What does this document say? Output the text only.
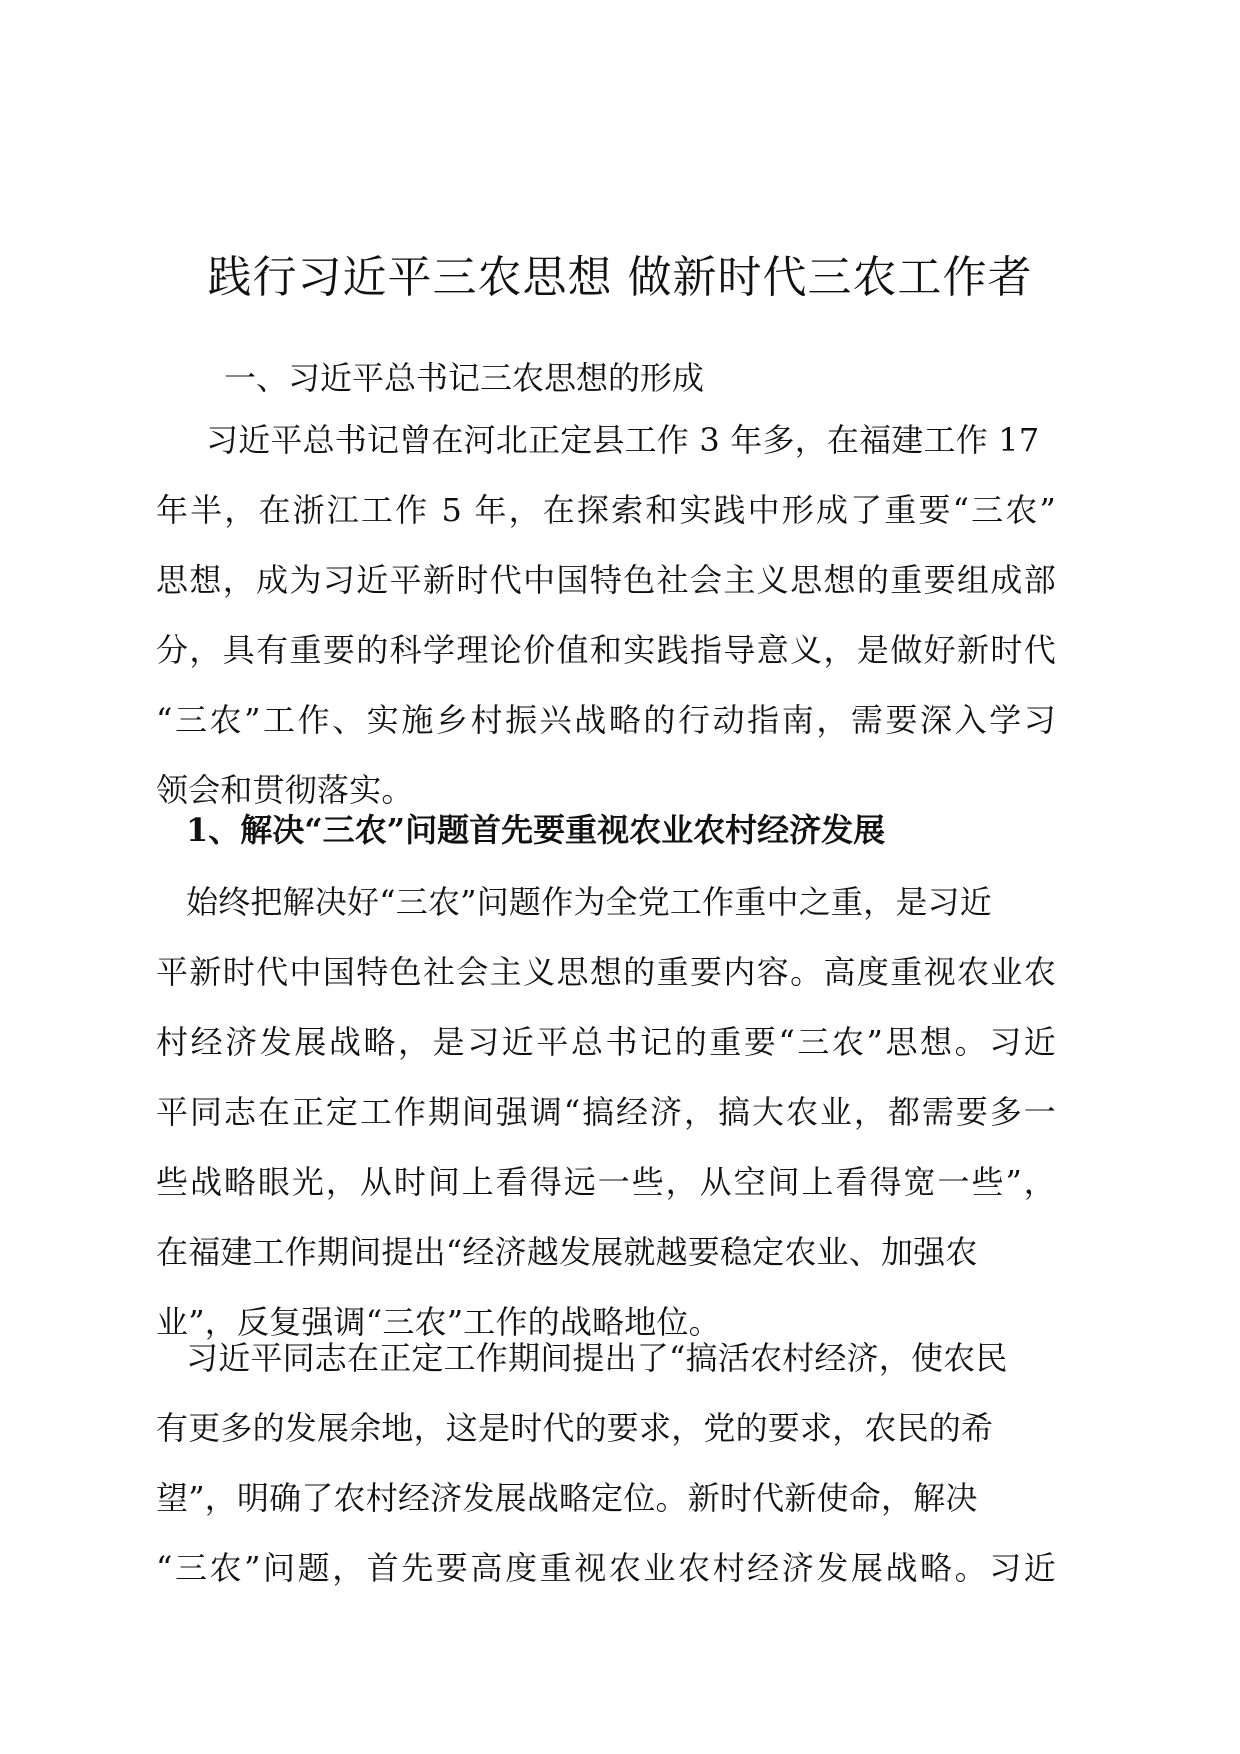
践行习近平三农思想 做新时代三农工作者
一、习近平总书记三农思想的形成
习近平总书记曾在河北正定县工作 3 年多，在福建工作 17
年半，在浙江工作 5 年，在探索和实践中形成了重要“三农”
思想，成为习近平新时代中国特色社会主义思想的重要组成部
分，具有重要的科学理论价值和实践指导意义，是做好新时代
“三农”工作、实施乡村振兴战略的行动指南，需要深入学习
领会和贯彻落实。
1、解决“三农”问题首先要重视农业农村经济发展
始终把解决好“三农”问题作为全党工作重中之重，是习近
平新时代中国特色社会主义思想的重要内容。高度重视农业农
村经济发展战略，是习近平总书记的重要“三农”思想。习近
平同志在正定工作期间强调“搞经济，搞大农业，都需要多一
些战略眼光，从时间上看得远一些，从空间上看得宽一些”，
在福建工作期间提出“经济越发展就越要稳定农业、加强农
业”，反复强调“三农”工作的战略地位。
习近平同志在正定工作期间提出了“搞活农村经济，使农民
有更多的发展余地，这是时代的要求，党的要求，农民的希
望”，明确了农村经济发展战略定位。新时代新使命，解决
“三农”问题，首先要高度重视农业农村经济发展战略。习近
